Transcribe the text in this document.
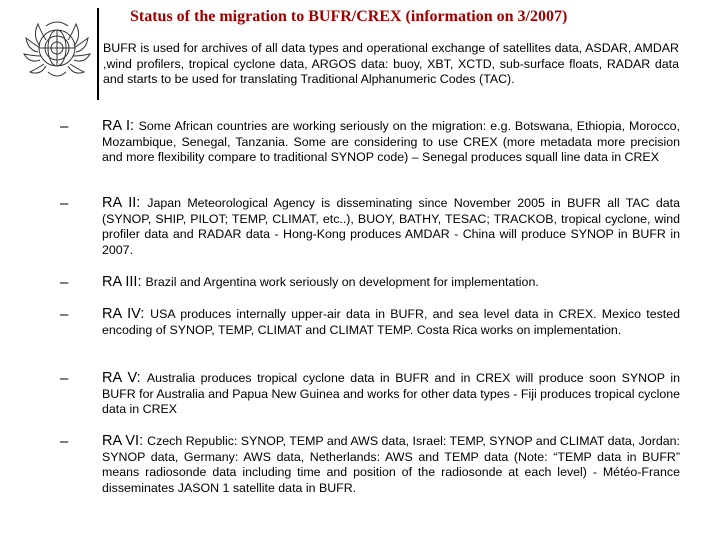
Status of the migration to BUFR/CREX (information on 3/2007)
BUFR is used for archives of all data types and operational exchange of satellites data, ASDAR, AMDAR ,wind profilers, tropical cyclone data, ARGOS data: buoy, XBT, XCTD, sub-surface floats, RADAR data and starts to be used for translating Traditional Alphanumeric Codes (TAC).
– RA I: Some African countries are working seriously on the migration: e.g. Botswana, Ethiopia, Morocco, Mozambique, Senegal, Tanzania. Some are considering to use CREX (more metadata more precision and more flexibility compare to traditional SYNOP code) – Senegal produces squall line data in CREX
– RA II: Japan Meteorological Agency is disseminating since November 2005 in BUFR all TAC data (SYNOP, SHIP, PILOT; TEMP, CLIMAT, etc..), BUOY, BATHY, TESAC; TRACKOB, tropical cyclone, wind profiler data and RADAR data - Hong-Kong produces AMDAR - China will produce SYNOP in BUFR in 2007.
– RA III: Brazil and Argentina work seriously on development for implementation.
– RA IV: USA produces internally upper-air data in BUFR, and sea level data in CREX. Mexico tested encoding of SYNOP, TEMP, CLIMAT and CLIMAT TEMP. Costa Rica works on implementation.
– RA V: Australia produces tropical cyclone data in BUFR and in CREX will produce soon SYNOP in BUFR for Australia and Papua New Guinea and works for other data types - Fiji produces tropical cyclone data in CREX
– RA VI: Czech Republic: SYNOP, TEMP and AWS data, Israel: TEMP, SYNOP and CLIMAT data, Jordan: SYNOP data, Germany: AWS data, Netherlands: AWS and TEMP data (Note: “TEMP data in BUFR” means radiosonde data including time and position of the radiosonde at each level) - Météo-France disseminates JASON 1 satellite data in BUFR.
